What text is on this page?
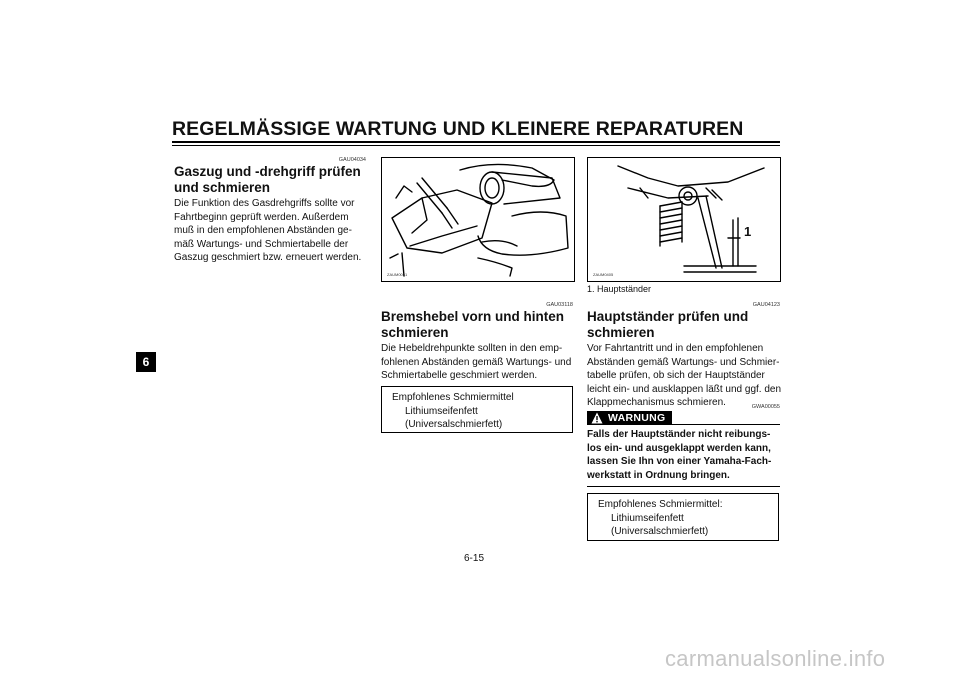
REGELMÄSSIGE WARTUNG UND KLEINERE REPARATUREN
6
GAU04034
Gaszug und -drehgriff prüfen
und schmieren
Die Funktion des Gasdrehgriffs sollte vor
Fahrtbeginn geprüft werden. Außerdem
muß in den empfohlenen Abständen ge-
mäß Wartungs- und Schmiertabelle der
Gaszug geschmiert bzw. erneuert werden.
ZAUM0061
GAU03118
Bremshebel vorn und hinten
schmieren
Die Hebeldrehpunkte sollten in den emp-
fohlenen Abständen gemäß Wartungs- und
Schmiertabelle geschmiert werden.
Empfohlenes Schmiermittel
Lithiumseifenfett
(Universalschmierfett)
1
ZAUM0405
1. Hauptständer
GAU04123
Hauptständer prüfen und
schmieren
Vor Fahrtantritt und in den empfohlenen
Abständen gemäß Wartungs- und Schmier-
tabelle prüfen, ob sich der Hauptständer
leicht ein- und ausklappen läßt und ggf. den
Klappmechanismus schmieren.	GWA00055
WARNUNG
Falls der Hauptständer nicht reibungs-
los ein- und ausgeklappt werden kann,
lassen Sie Ihn von einer Yamaha-Fach-
werkstatt in Ordnung bringen.
Empfohlenes Schmiermittel:
Lithiumseifenfett
(Universalschmierfett)
6-15
carmanualsonline.info
